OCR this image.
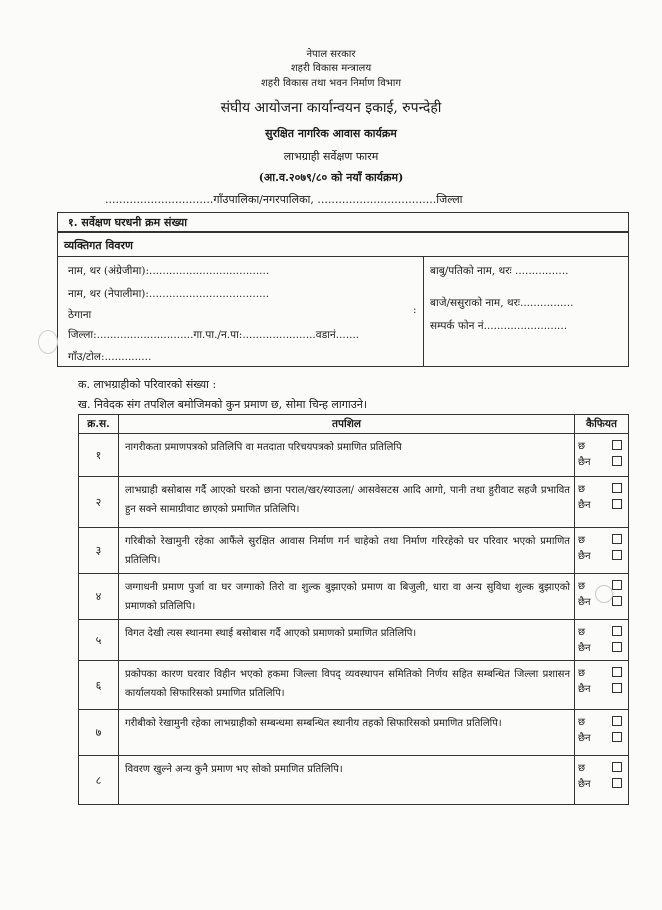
नेपाल सरकार
शहरी विकास मन्त्रालय
शहरी विकास तथा भवन निर्माण विभाग
संघीय आयोजना कार्यान्वयन इकाई, रुपन्देही
सुरक्षित नागरिक आवास कार्यक्रम
लाभग्राही सर्वेक्षण फारम
(आ.व.२०७९/८० को नयाँ कार्यक्रम)
...............................गाँउपालिका/नगरपालिका, ..................................जिल्ला
१. सर्वेक्षण घरधनी क्रम संख्या
व्यक्तिगत विवरण
नाम, थर (अंग्रेजीमा):....................................
नाम, थर (नेपालीमा):....................................
ठेगाना	:
जिल्ला:.............................गा.पा./न.पा:......................वडानं.......
गाँउ/टोल:..............
बाबु/पतिको नाम, थरः ................
बाजे/ससुराको नाम, थरः................
सम्पर्क फोन नं.........................
क. लाभग्राहीको परिवारको संख्या :
ख. निवेदक संग तपशिल बमोजिमको कुन प्रमाण छ, सोमा चिन्ह लागाउने।
क्र.स.	तपशिल	कैफियत
१	नागरीकता प्रमाणपत्रको प्रतिलिपि वा मतदाता परिचयपत्रको प्रमाणित प्रतिलिपि	छ
छैन

२	लाभग्राही बसोबास गर्दै आएको घरको छाना पराल/खर/स्याउला/ आसवेसटस आदि आगो, पानी तथा हुरीवाट सहजै प्रभावित हुन सक्ने सामाग्रीवाट छाएको प्रमाणित प्रतिलिपि।	छ
छैन

३	गरिबीको रेखामुनी रहेका आफैंले सुरक्षित आवास निर्माण गर्न चाहेको तथा निर्माण गरिरहेको घर परिवार भएको प्रमाणित प्रतिलिपि।	छ
छैन

४	जग्गाधनी प्रमाण पुर्जा वा घर जग्गाको तिरो वा शुल्क बुझाएको प्रमाण वा बिजुली, धारा वा अन्य सुविधा शुल्क बुझाएको प्रमाणको प्रतिलिपि।	छ
छैन

५	विगत देखी त्यस स्थानमा स्थाई बसोबास गर्दै आएको प्रमाणको प्रमाणित प्रतिलिपि।	छ
छैन

६	प्रकोपका कारण घरवार विहीन भएको हकमा जिल्ला विपद् व्यवस्थापन समितिको निर्णय सहित सम्बन्धित जिल्ला प्रशासन कार्यालयको सिफारिसको प्रमाणित प्रतिलिपि।	छ
छैन

७	गरीबीको रेखामुनी रहेका लाभग्राहीको सम्बन्धमा सम्बन्धित स्थानीय तहको सिफारिसको प्रमाणित प्रतिलिपि।	छ
छैन

८	विवरण खुल्ने अन्य कुनै प्रमाण भए सोको प्रमाणित प्रतिलिपि।	छ
छैन
